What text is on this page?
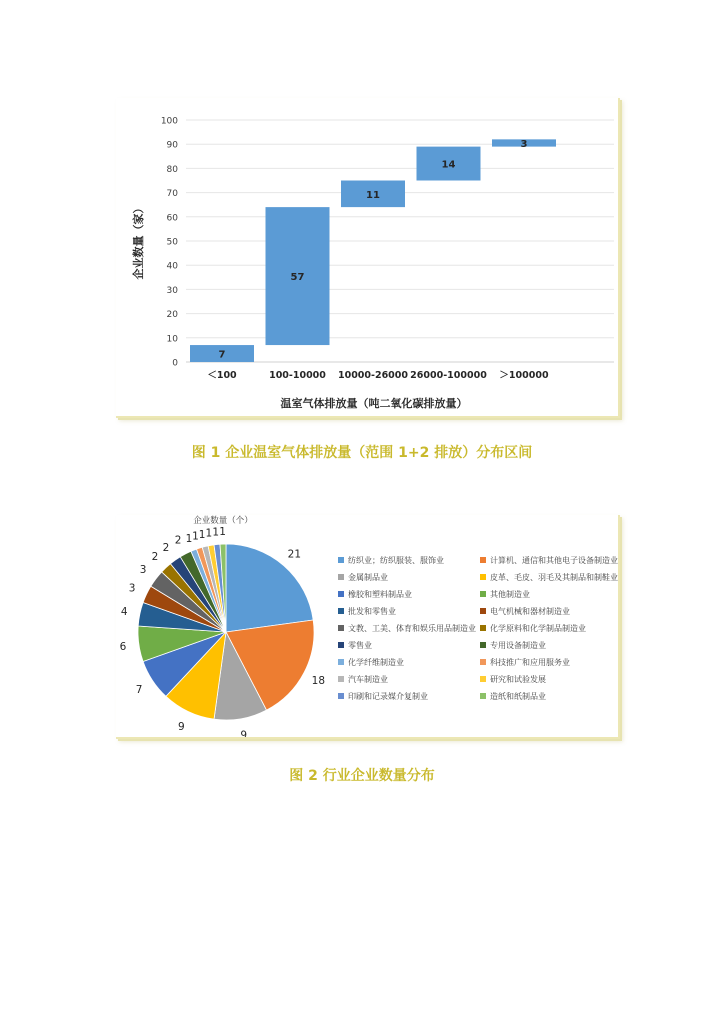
0
10
20
30
40
50
60
70
80
90
100
7
＜100
57
100-10000
11
10000-26000
14
26000-100000
3
＞100000
温室气体排放量（吨二氧化碳排放量）
企业数量（家）
图 1 企业温室气体排放量（范围 1+2 排放）分布区间
企业数量（个）
21
18
9
9
7
6
4
3
3
2
2
2 1 1 1 1 1 1
纺织业；纺织服装、服饰业	计算机、通信和其他电子设备制造业
金属制品业	皮革、毛皮、羽毛及其制品和制鞋业
橡胶和塑料制品业	其他制造业
批发和零售业	电气机械和器材制造业
文教、工美、体育和娱乐用品制造业 化学原料和化学制品制造业
零售业	专用设备制造业
化学纤维制造业	科技推广和应用服务业
汽车制造业	研究和试验发展
印刷和记录媒介复制业	造纸和纸制品业
图 2 行业企业数量分布
